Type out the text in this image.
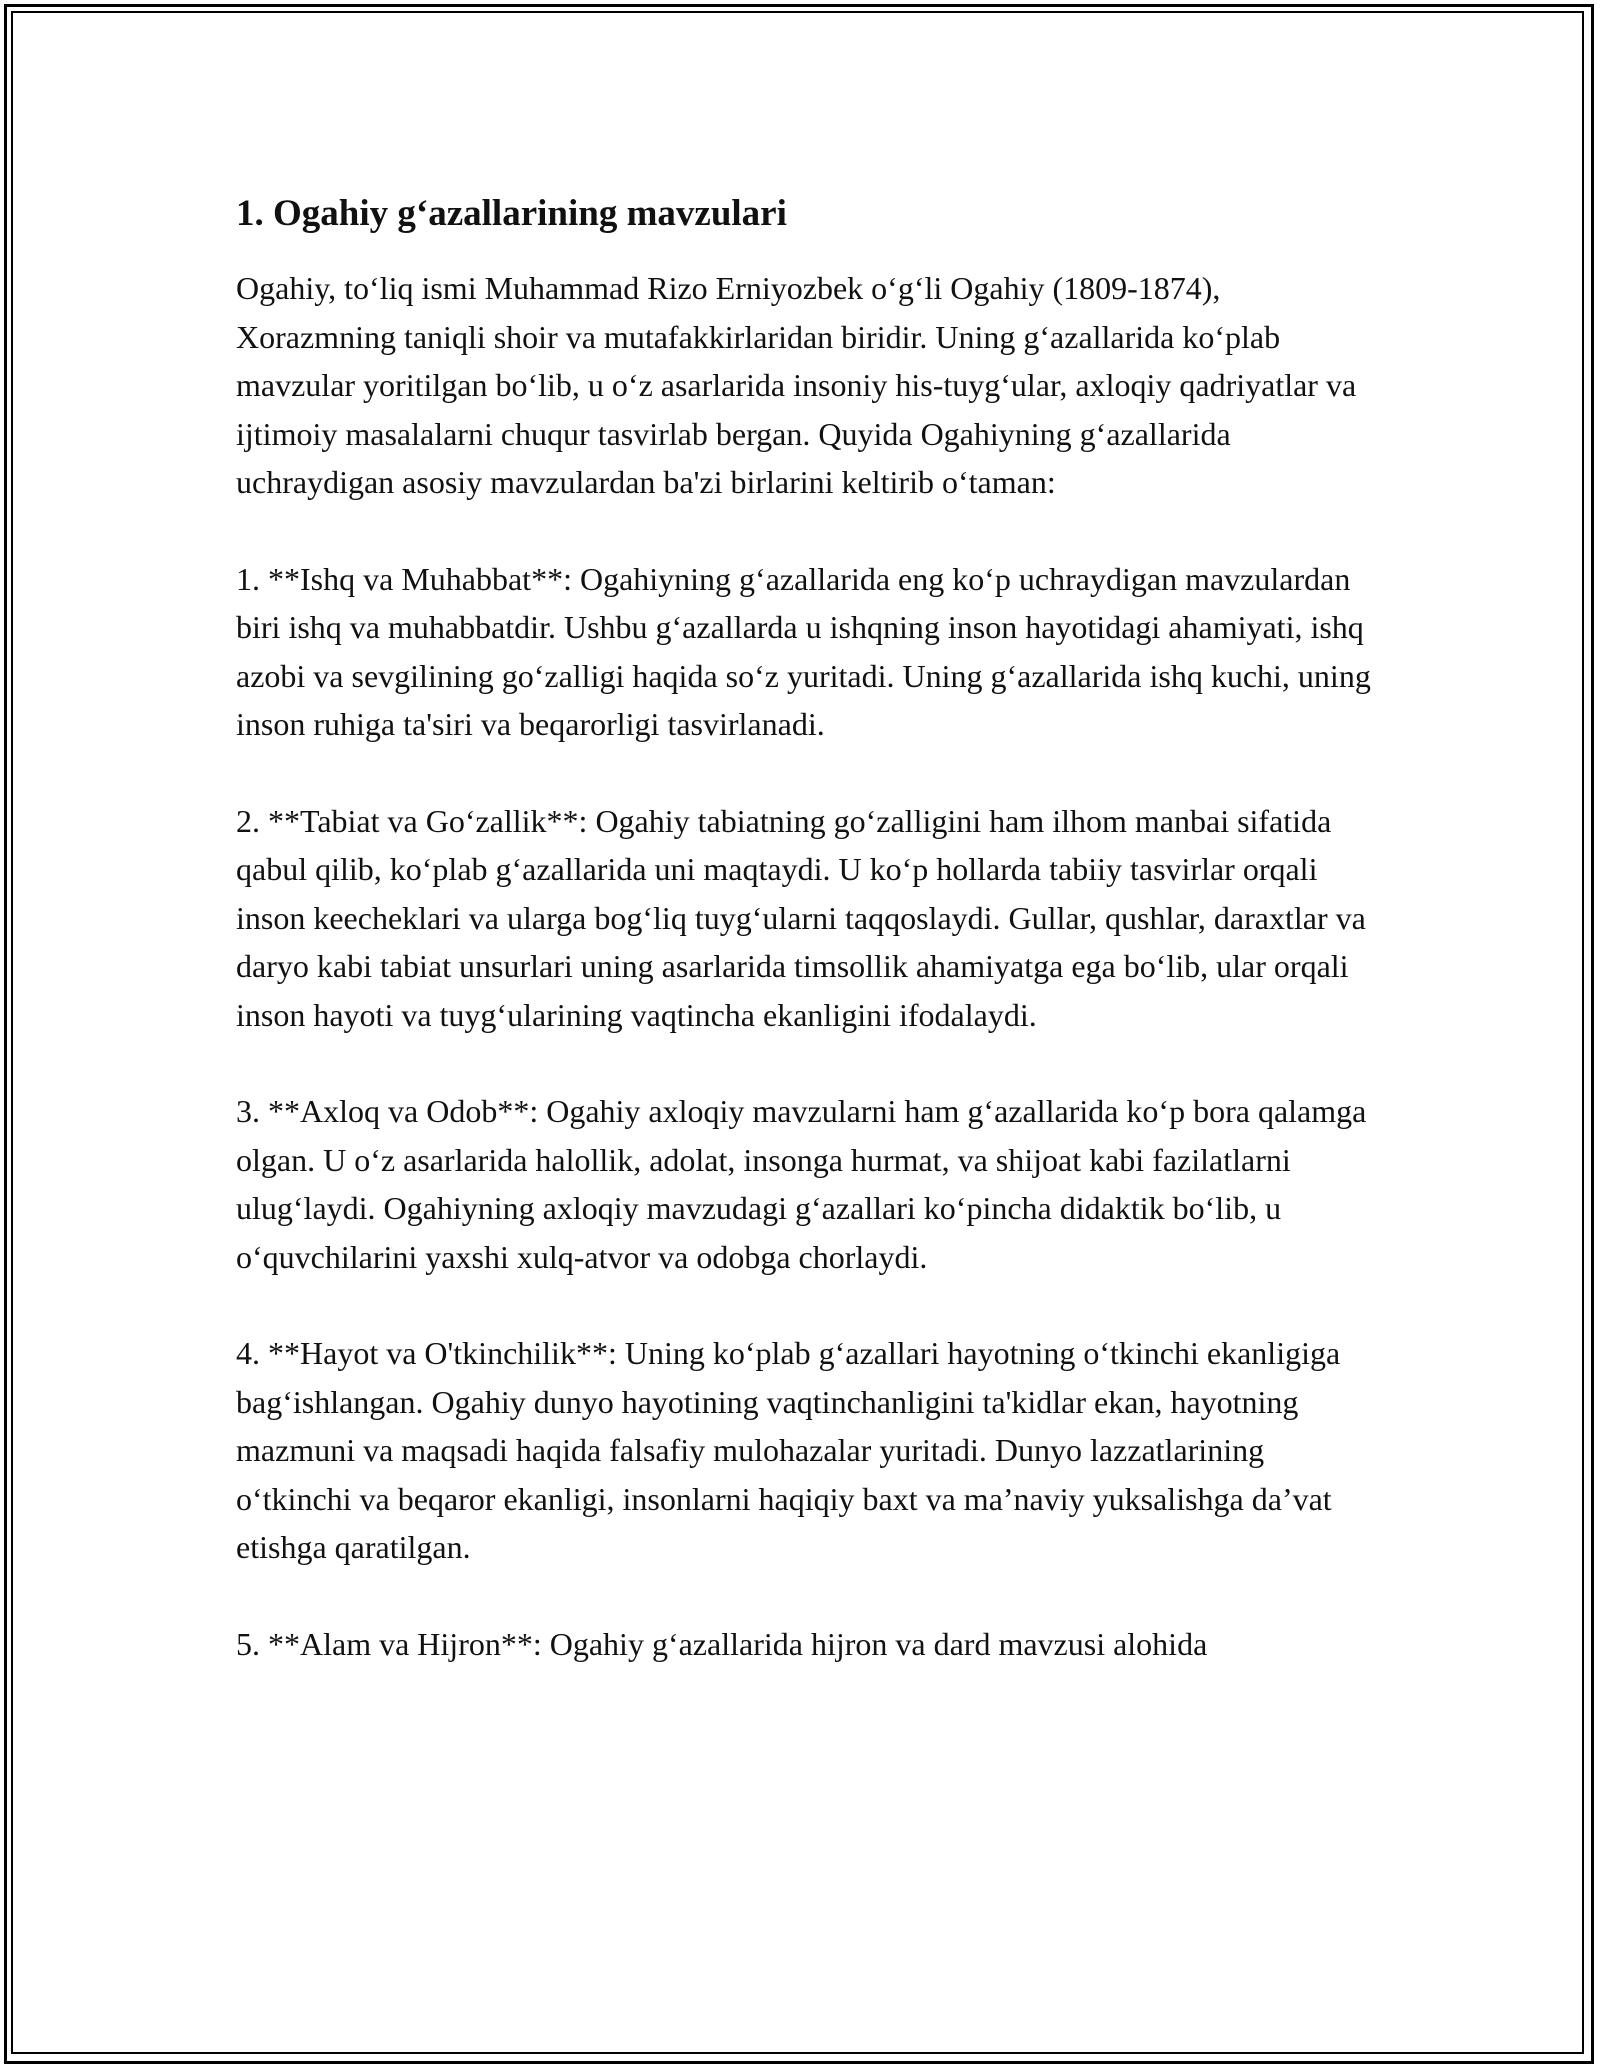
1. Ogahiy g‘azallarining mavzulari

Ogahiy, to‘liq ismi Muhammad Rizo Erniyozbek o‘g‘li Ogahiy (1809-1874), Xorazmning taniqli shoir va mutafakkirlaridan biridir. Uning g‘azallarida ko‘plab mavzular yoritilgan bo‘lib, u o‘z asarlarida insoniy his-tuyg‘ular, axloqiy qadriyatlar va ijtimoiy masalalarni chuqur tasvirlab bergan. Quyida Ogahiyning g‘azallarida uchraydigan asosiy mavzulardan ba'zi birlarini keltirib o‘taman:

1. **Ishq va Muhabbat**: Ogahiyning g‘azallarida eng ko‘p uchraydigan mavzulardan biri ishq va muhabbatdir. Ushbu g‘azallarda u ishqning inson hayotidagi ahamiyati, ishq azobi va sevgilining go‘zalligi haqida so‘z yuritadi. Uning g‘azallarida ishq kuchi, uning inson ruhiga ta'siri va beqarorligi tasvirlanadi.

2. **Tabiat va Go‘zallik**: Ogahiy tabiatning go‘zalligini ham ilhom manbai sifatida qabul qilib, ko‘plab g‘azallarida uni maqtaydi. U ko‘p hollarda tabiiy tasvirlar orqali inson keecheklari va ularga bog‘liq tuyg‘ularni taqqoslaydi. Gullar, qushlar, daraxtlar va daryo kabi tabiat unsurlari uning asarlarida timsollik ahamiyatga ega bo‘lib, ular orqali inson hayoti va tuyg‘ularining vaqtincha ekanligini ifodalaydi.

3. **Axloq va Odob**: Ogahiy axloqiy mavzularni ham g‘azallarida ko‘p bora qalamga olgan. U o‘z asarlarida halollik, adolat, insonga hurmat, va shijoat kabi fazilatlarni ulug‘laydi. Ogahiyning axloqiy mavzudagi g‘azallari ko‘pincha didaktik bo‘lib, u o‘quvchilarini yaxshi xulq-atvor va odobga chorlaydi.

4. **Hayot va O'tkinchilik**: Uning ko‘plab g‘azallari hayotning o‘tkinchi ekanligiga bag‘ishlangan. Ogahiy dunyo hayotining vaqtinchanligini ta'kidlar ekan, hayotning mazmuni va maqsadi haqida falsafiy mulohazalar yuritadi. Dunyo lazzatlarining o‘tkinchi va beqaror ekanligi, insonlarni haqiqiy baxt va ma’naviy yuksalishga da’vat etishga qaratilgan.

5. **Alam va Hijron**: Ogahiy g‘azallarida hijron va dard mavzusi alohida
